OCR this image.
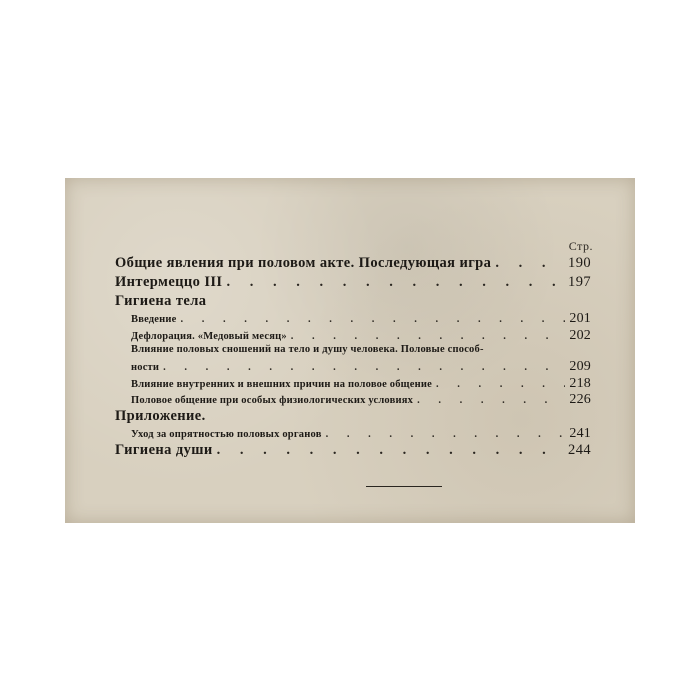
Стр.
Общие явления при половом акте. Последующая игра . . .	190
Интермеццо III . . .	197
Гигиена тела
Введение . . .	201
Дефлорация. «Медовый месяц» . . .	202
Влияние половых сношений на тело и душу человека. Половые способ-
ности . . .	209
Влияние внутренних и внешних причин на половое общение . . .	218
Половое общение при особых физиологических условиях . . .	226
Приложение.
Уход за опрятностью половых органов . . .	241
Гигиена души . . .	244
